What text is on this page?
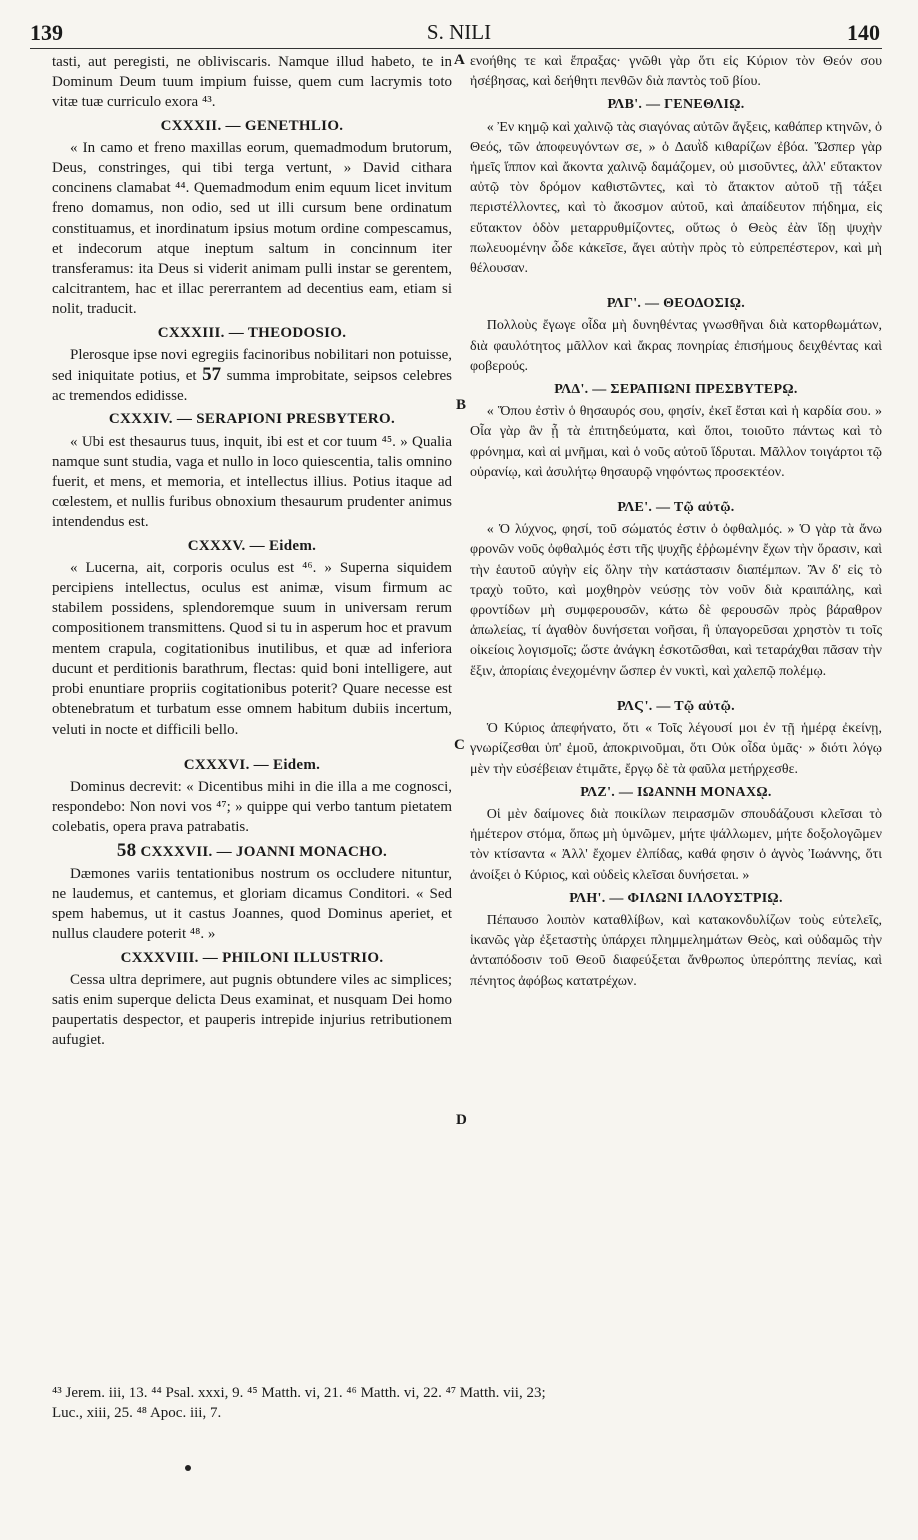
139	S. NILI	140
A
B
C
D

tasti, aut peregisti, ne obliviscaris. Namque illud habeto, te in Dominum Deum tuum impium fuisse, quem cum lacrymis toto vitæ tuæ curriculo exora ⁴³.

CXXXII. — GENETHLIO.

« In camo et freno maxillas eorum, quemadmodum brutorum, Deus, constringes, qui tibi terga vertunt, » David cithara concinens clamabat ⁴⁴. Quemadmodum enim equum licet invitum freno domamus, non odio, sed ut illi cursum bene ordinatum constituamus, et inordinatum ipsius motum ordine compescamus, et indecorum atque ineptum saltum in concinnum iter transferamus: ita Deus si viderit animam pulli instar se gerentem, calcitrantem, hac et illac pererrantem ad decentius eam, etiam si nolit, traducit.

CXXXIII. — THEODOSIO.

Plerosque ipse novi egregiis facinoribus nobilitari non potuisse, sed iniquitate potius, et 57 summa improbitate, seipsos celebres ac tremendos edidisse.

CXXXIV. — SERAPIONI PRESBYTERO.

« Ubi est thesaurus tuus, inquit, ibi est et cor tuum ⁴⁵. » Qualia namque sunt studia, vaga et nullo in loco quiescentia, talis omnino fuerit, et mens, et memoria, et intellectus illius. Potius itaque ad cœlestem, et nullis furibus obnoxium thesaurum prudenter animus intendendus est.

CXXXV. — Eidem.

« Lucerna, ait, corporis oculus est ⁴⁶. » Superna siquidem percipiens intellectus, oculus est animæ, visum firmum ac stabilem possidens, splendoremque suum in universam rerum compositionem transmittens. Quod si tu in asperum hoc et pravum mentem crapula, cogitationibus inutilibus, et quæ ad inferiora ducunt et perditionis barathrum, flectas: quid boni intelligere, aut probi enuntiare propriis cogitationibus poterit? Quare necesse est obtenebratum et turbatum esse omnem habitum dubiis incertum, veluti in nocte et difficili bello.

CXXXVI. — Eidem.

Dominus decrevit: « Dicentibus mihi in die illa a me cognosci, respondebo: Non novi vos ⁴⁷; » quippe qui verbo tantum pietatem colebatis, opera prava patrabatis.

58 CXXXVII. — JOANNI MONACHO.

Dæmones variis tentationibus nostrum os occludere nituntur, ne laudemus, et cantemus, et gloriam dicamus Conditori. « Sed spem habemus, ut it castus Joannes, quod Dominus aperiet, et nullus claudere poterit ⁴⁸. »

CXXXVIII. — PHILONI ILLUSTRIO.

Cessa ultra deprimere, aut pugnis obtundere viles ac simplices; satis enim superque delicta Deus examinat, et nusquam Dei homo paupertatis despector, et pauperis intrepide injurius retributionem aufugiet.

ενοήθης τε καὶ ἔπραξας· γνῶθι γὰρ ὅτι εἰς Κύριον τὸν Θεόν σου ἠσέβησας, καὶ δεήθητι πενθῶν διὰ παντὸς τοῦ βίου.

ΡΛΒ'. — ΓΕΝΕΘΛΙῼ.

« Ἐν κημῷ καὶ χαλινῷ τὰς σιαγόνας αὐτῶν ἄγξεις, καθάπερ κτηνῶν, ὁ Θεός, τῶν ἀποφευγόντων σε, » ὁ Δαυῒδ κιθαρίζων ἐβόα. Ὥσπερ γὰρ ἡμεῖς ἵππον καὶ ἄκοντα χαλινῷ δαμάζομεν, οὐ μισοῦντες, ἀλλ' εὔτακτον αὐτῷ τὸν δρόμον καθιστῶντες, καὶ τὸ ἄτακτον αὐτοῦ τῇ τάξει περιστέλλοντες, καὶ τὸ ἄκοσμον αὐτοῦ, καὶ ἀπαίδευτον πήδημα, εἰς εὔτακτον ὁδὸν μεταρρυθμίζοντες, οὕτως ὁ Θεὸς ἐὰν ἴδῃ ψυχὴν πωλευομένην ὧδε κἀκεῖσε, ἄγει αὐτὴν πρὸς τὸ εὐπρεπέστερον, καὶ μὴ θέλουσαν.

ΡΛΓ'. — ΘΕΟΔΟΣΙῼ.

Πολλοὺς ἔγωγε οἶδα μὴ δυνηθέντας γνωσθῆναι διὰ κατορθωμάτων, διὰ φαυλότητος μᾶλλον καὶ ἄκρας πονηρίας ἐπισήμους δειχθέντας καὶ φοβερούς.

ΡΛΔ'. — ΣΕΡΑΠΙΩΝΙ ΠΡΕΣΒΥΤΕΡῼ.

« Ὅπου ἐστὶν ὁ θησαυρός σου, φησίν, ἐκεῖ ἔσται καὶ ἡ καρδία σου. » Οἷα γὰρ ἂν ᾖ τὰ ἐπιτηδεύματα, καὶ ὅποι, τοιοῦτο πάντως καὶ τὸ φρόνημα, καὶ αἱ μνῆμαι, καὶ ὁ νοῦς αὐτοῦ ἵδρυται. Μᾶλλον τοιγάρτοι τῷ οὐρανίῳ, καὶ ἀσυλήτῳ θησαυρῷ νηφόντως προσεκτέον.

ΡΛΕ'. — Τῷ αὐτῷ.

« Ὁ λύχνος, φησί, τοῦ σώματός ἐστιν ὁ ὀφθαλμός. » Ὁ γὰρ τὰ ἄνω φρονῶν νοῦς ὀφθαλμός ἐστι τῆς ψυχῆς ἐῤῥωμένην ἔχων τὴν ὅρασιν, καὶ τὴν ἑαυτοῦ αὐγὴν εἰς ὅλην τὴν κατάστασιν διαπέμπων. Ἂν δ' εἰς τὸ τραχὺ τοῦτο, καὶ μοχθηρὸν νεύσῃς τὸν νοῦν διὰ κραιπάλης, καὶ φροντίδων μὴ συμφερουσῶν, κάτω δὲ φερουσῶν πρὸς βάραθρον ἀπωλείας, τί ἀγαθὸν δυνήσεται νοῆσαι, ἢ ὑπαγορεῦσαι χρηστὸν τι τοῖς οἰκείοις λογισμοῖς; ὥστε ἀνάγκη ἐσκοτῶσθαι, καὶ τεταράχθαι πᾶσαν τὴν ἕξιν, ἀπορίαις ἐνεχομένην ὥσπερ ἐν νυκτὶ, καὶ χαλεπῷ πολέμῳ.

ΡΛϚ'. — Τῷ αὐτῷ.

Ὁ Κύριος ἀπεφήνατο, ὅτι « Τοῖς λέγουσί μοι ἐν τῇ ἡμέρᾳ ἐκείνῃ, γνωρίζεσθαι ὑπ' ἐμοῦ, ἀποκρινοῦμαι, ὅτι Οὐκ οἶδα ὑμᾶς· » διότι λόγῳ μὲν τὴν εὐσέβειαν ἐτιμᾶτε, ἔργῳ δὲ τὰ φαῦλα μετήρχεσθε.

ΡΛΖ'. — ΙΩΑΝΝΗ ΜΟΝΑΧῼ.

Οἱ μὲν δαίμονες διὰ ποικίλων πειρασμῶν σπουδάζουσι κλεῖσαι τὸ ἡμέτερον στόμα, ὅπως μὴ ὑμνῶμεν, μήτε ψάλλωμεν, μήτε δοξολογῶμεν τὸν κτίσαντα « Ἀλλ' ἔχομεν ἐλπίδας, καθά φησιν ὁ ἁγνὸς Ἰωάννης, ὅτι ἀνοίξει ὁ Κύριος, καὶ οὐδεὶς κλεῖσαι δυνήσεται. »

ΡΛΗ'. — ΦΙΛΩΝΙ ΙΛΛΟΥΣΤΡΙῼ.

Πέπαυσο λοιπὸν καταθλίβων, καὶ κατακονδυλίζων τοὺς εὐτελεῖς, ἱκανῶς γὰρ ἐξεταστὴς ὑπάρχει πλημμελημάτων Θεὸς, καὶ οὐδαμῶς τὴν ἀνταπόδοσιν τοῦ Θεοῦ διαφεύξεται ἄνθρωπος ὑπερόπτης πενίας, καὶ πένητος ἀφόβως κατατρέχων.

⁴³ Jerem. iii, 13. ⁴⁴ Psal. xxxi, 9. ⁴⁵ Matth. vi, 21. ⁴⁶ Matth. vi, 22. ⁴⁷ Matth. vii, 23;
Luc., xiii, 25. ⁴⁸ Apoc. iii, 7.
